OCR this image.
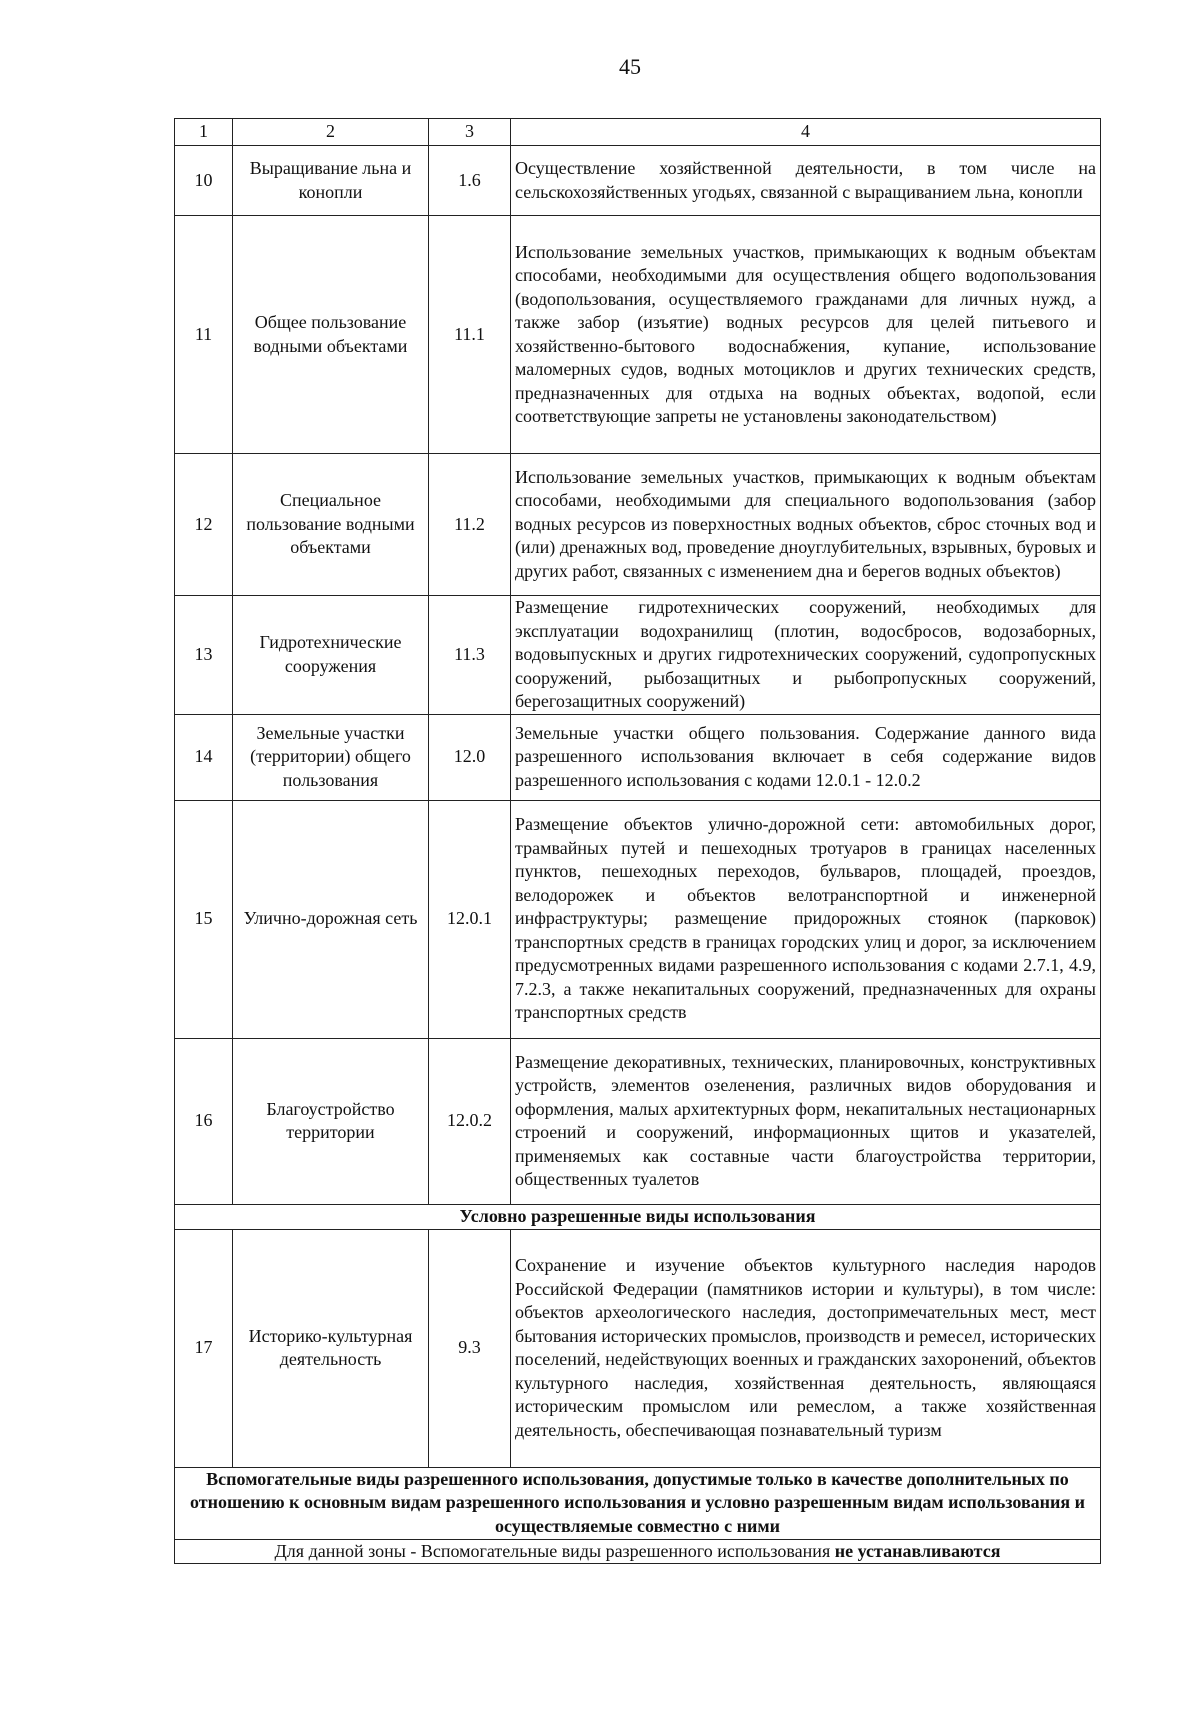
45
1	2	3	4
10	Выращивание льна и конопли	1.6	Осуществление хозяйственной деятельности, в том числе на сельскохозяйственных угодьях, связанной с выращиванием льна, конопли
11	Общее пользование водными объектами	11.1	Использование земельных участков, примыкающих к водным объектам способами, необходимыми для осуществления общего водопользования (водопользования, осуществляемого гражданами для личных нужд, а также забор (изъятие) водных ресурсов для целей питьевого и хозяйственно-бытового водоснабжения, купание, использование маломерных судов, водных мотоциклов и других технических средств, предназначенных для отдыха на водных объектах, водопой, если соответствующие запреты не установлены законодательством)
12	Специальное пользование водными объектами	11.2	Использование земельных участков, примыкающих к водным объектам способами, необходимыми для специального водопользования (забор водных ресурсов из поверхностных водных объектов, сброс сточных вод и (или) дренажных вод, проведение дноуглубительных, взрывных, буровых и других работ, связанных с изменением дна и берегов водных объектов)
13	Гидротехнические сооружения	11.3	Размещение гидротехнических сооружений, необходимых для эксплуатации водохранилищ (плотин, водосбросов, водозаборных, водовыпускных и других гидротехнических сооружений, судопропускных сооружений, рыбозащитных и рыбопропускных сооружений, берегозащитных сооружений)
14	Земельные участки (территории) общего пользования	12.0	Земельные участки общего пользования. Содержание данного вида разрешенного использования включает в себя содержание видов разрешенного использования с кодами 12.0.1 - 12.0.2
15	Улично-дорожная сеть	12.0.1	Размещение объектов улично-дорожной сети: автомобильных дорог, трамвайных путей и пешеходных тротуаров в границах населенных пунктов, пешеходных переходов, бульваров, площадей, проездов, велодорожек и объектов велотранспортной и инженерной инфраструктуры; размещение придорожных стоянок (парковок) транспортных средств в границах городских улиц и дорог, за исключением предусмотренных видами разрешенного использования с кодами 2.7.1, 4.9, 7.2.3, а также некапитальных сооружений, предназначенных для охраны транспортных средств
16	Благоустройство территории	12.0.2	Размещение декоративных, технических, планировочных, конструктивных устройств, элементов озеленения, различных видов оборудования и оформления, малых архитектурных форм, некапитальных нестационарных строений и сооружений, информационных щитов и указателей, применяемых как составные части благоустройства территории, общественных туалетов
Условно разрешенные виды использования			
17	Историко-культурная деятельность	9.3	Сохранение и изучение объектов культурного наследия народов Российской Федерации (памятников истории и культуры), в том числе: объектов археологического наследия, достопримечательных мест, мест бытования исторических промыслов, производств и ремесел, исторических поселений, недействующих военных и гражданских захоронений, объектов культурного наследия, хозяйственная деятельность, являющаяся историческим промыслом или ремеслом, а также хозяйственная деятельность, обеспечивающая познавательный туризм
Вспомогательные виды разрешенного использования, допустимые только в качестве дополнительных по отношению к основным видам разрешенного использования и условно разрешенным видам использования и осуществляемые совместно с ними			
Для данной зоны - Вспомогательные виды разрешенного использования не устанавливаются			
